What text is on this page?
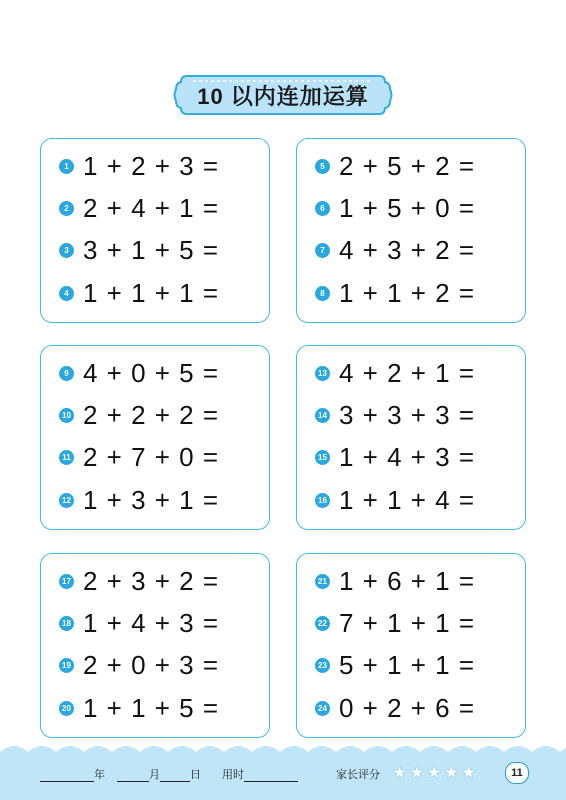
10 以内连加运算
1 1 + 2 + 3 =
2 2 + 4 + 1 =
3 3 + 1 + 5 =
4 1 + 1 + 1 =
5 2 + 5 + 2 =
6 1 + 5 + 0 =
7 4 + 3 + 2 =
8 1 + 1 + 2 =
9 4 + 0 + 5 =
10 2 + 2 + 2 =
11 2 + 7 + 0 =
12 1 + 3 + 1 =
13 4 + 2 + 1 =
14 3 + 3 + 3 =
15 1 + 4 + 3 =
16 1 + 1 + 4 =
17 2 + 3 + 2 =
18 1 + 4 + 3 =
19 2 + 0 + 3 =
20 1 + 1 + 5 =
21 1 + 6 + 1 =
22 7 + 1 + 1 =
23 5 + 1 + 1 =
24 0 + 2 + 6 =
年	月	日 用时	家长评分 ★ ★ ★ ★ ★	11
